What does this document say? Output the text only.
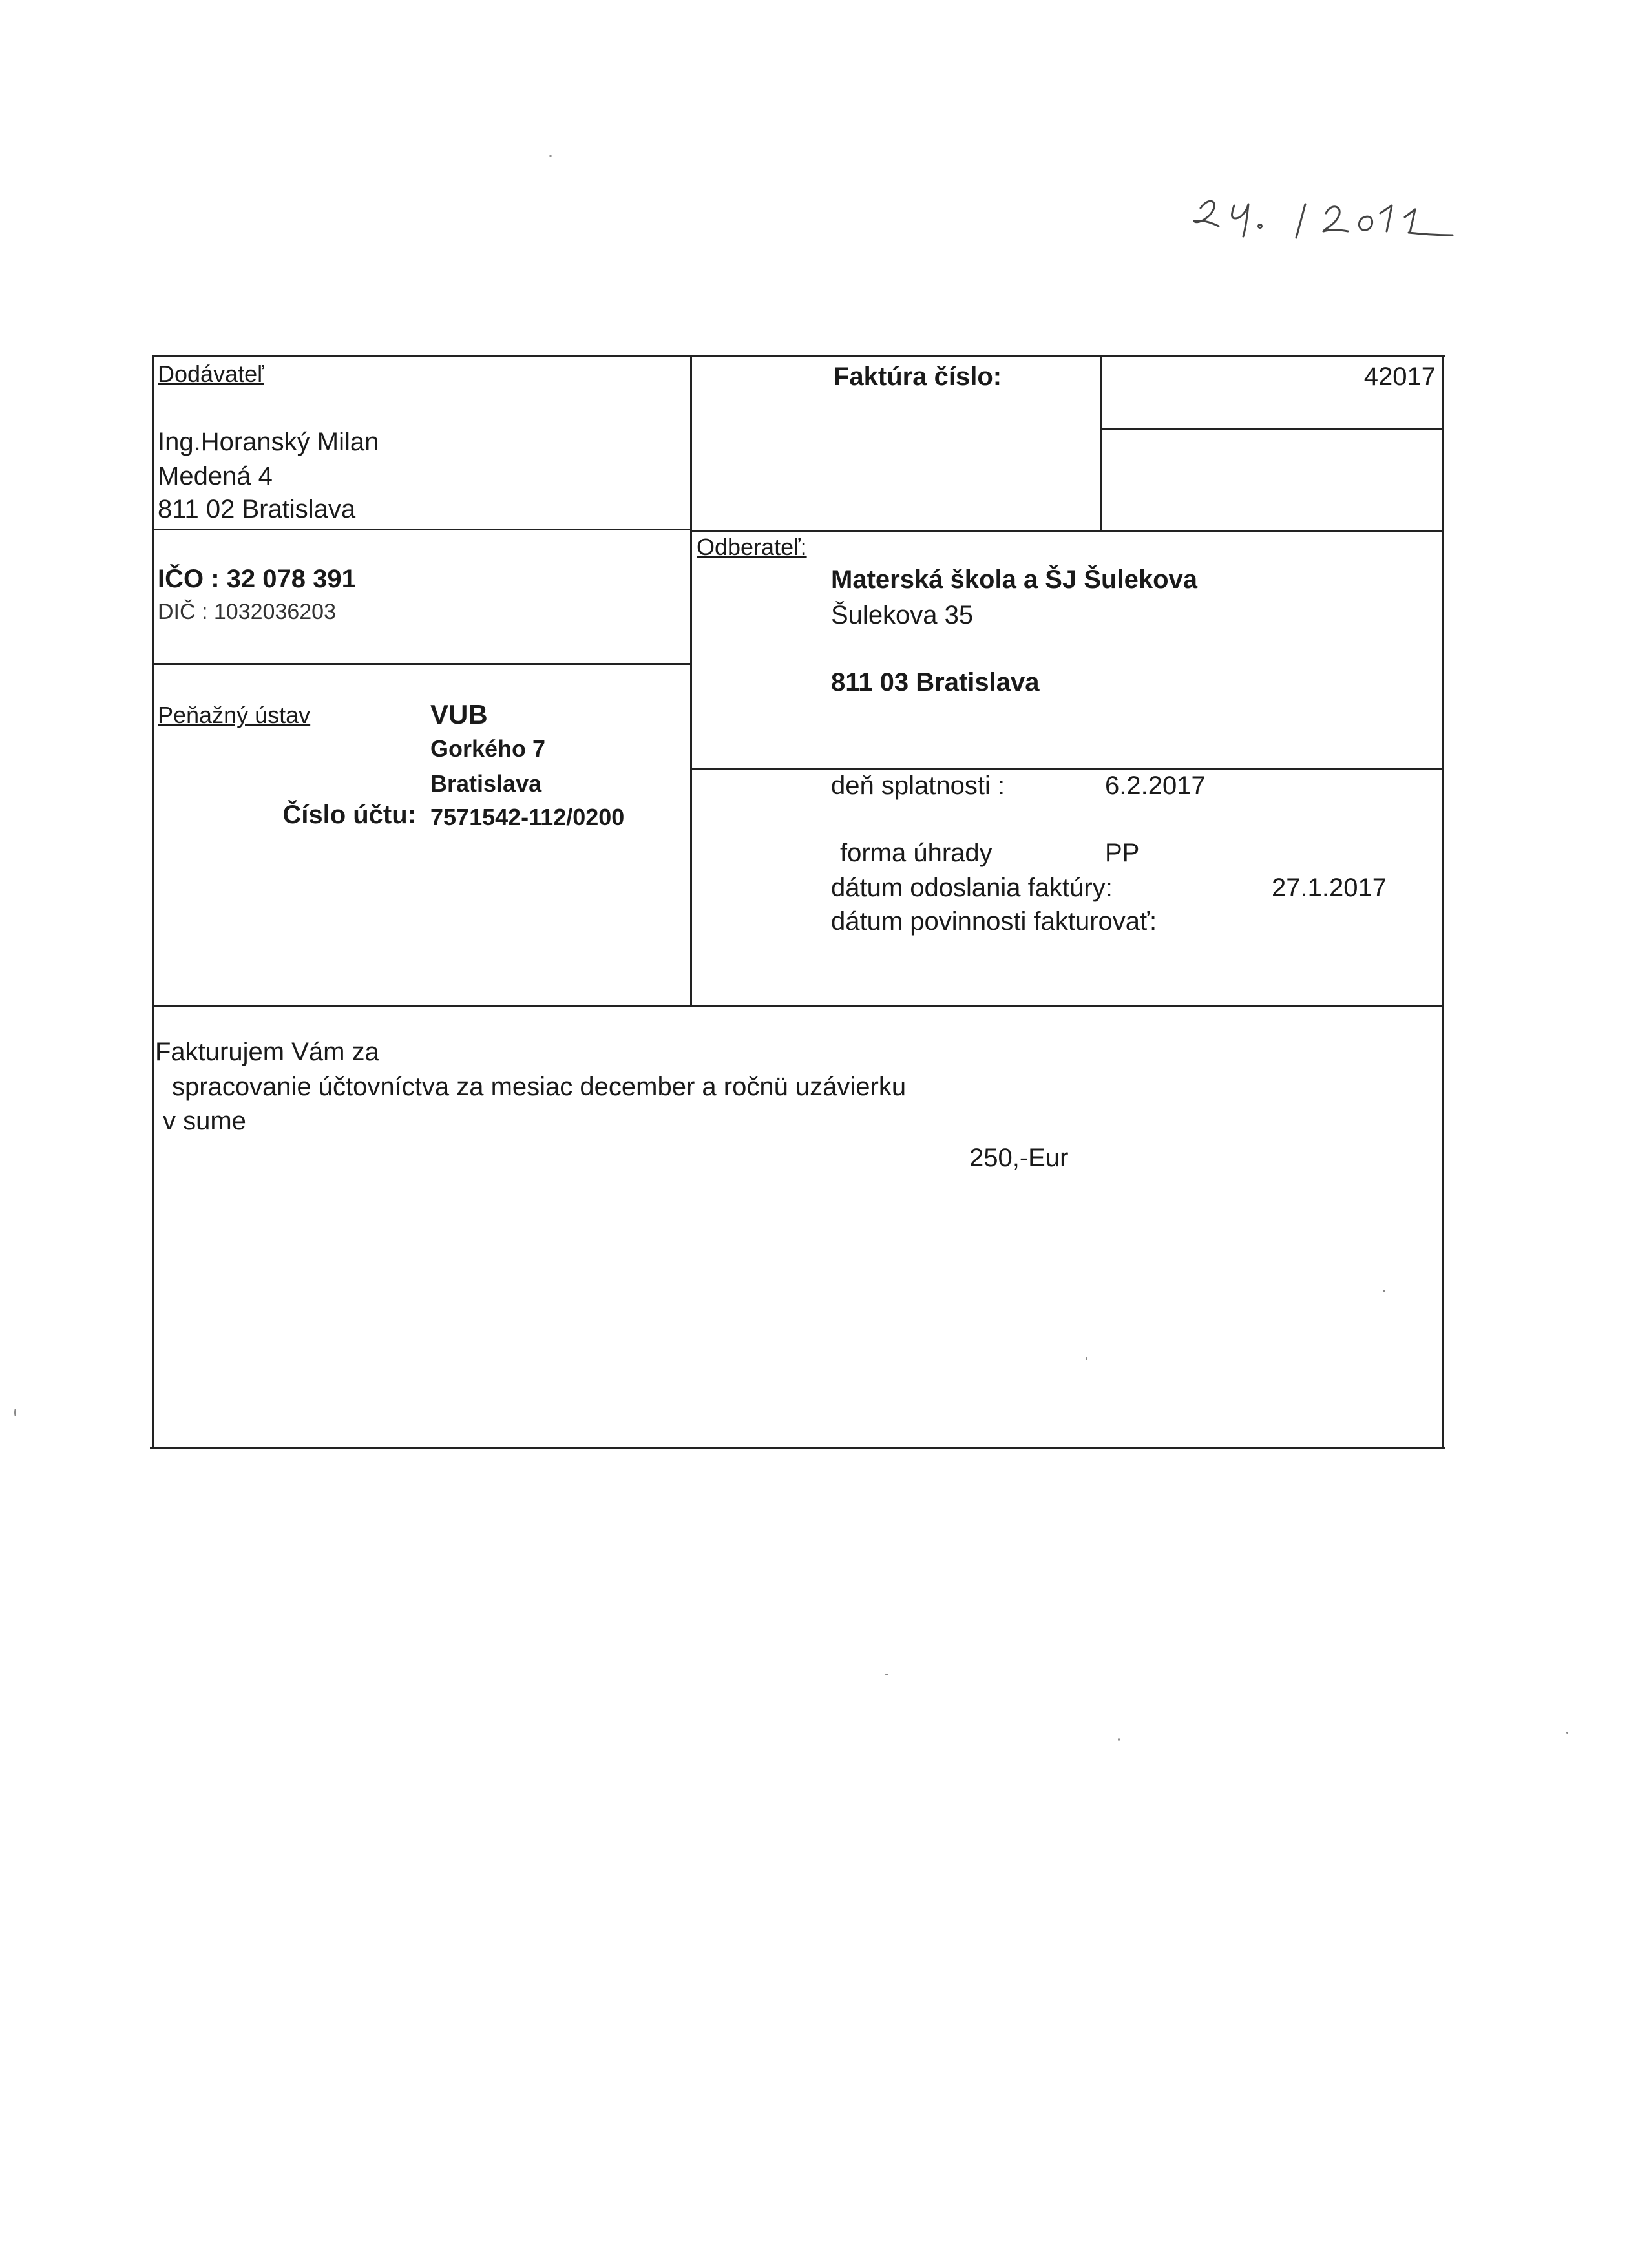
Dodávateľ
Ing.Horanský Milan
Medená 4
811 02 Bratislava
IČO : 32 078 391
DIČ : 1032036203
Peňažný ústav	VUB
Gorkého 7
Bratislava
Číslo účtu: 7571542-112/0200
Faktúra číslo:	42017
Odberateľ:
Materská škola a ŠJ Šulekova
Šulekova 35
811 03 Bratislava
deň splatnosti :	6.2.2017
forma úhrady	PP
dátum odoslania faktúry:	27.1.2017
dátum povinnosti fakturovať:
Fakturujem Vám za
spracovanie účtovníctva za mesiac december a ročnü uzávierku
v sume
250,-Eur
